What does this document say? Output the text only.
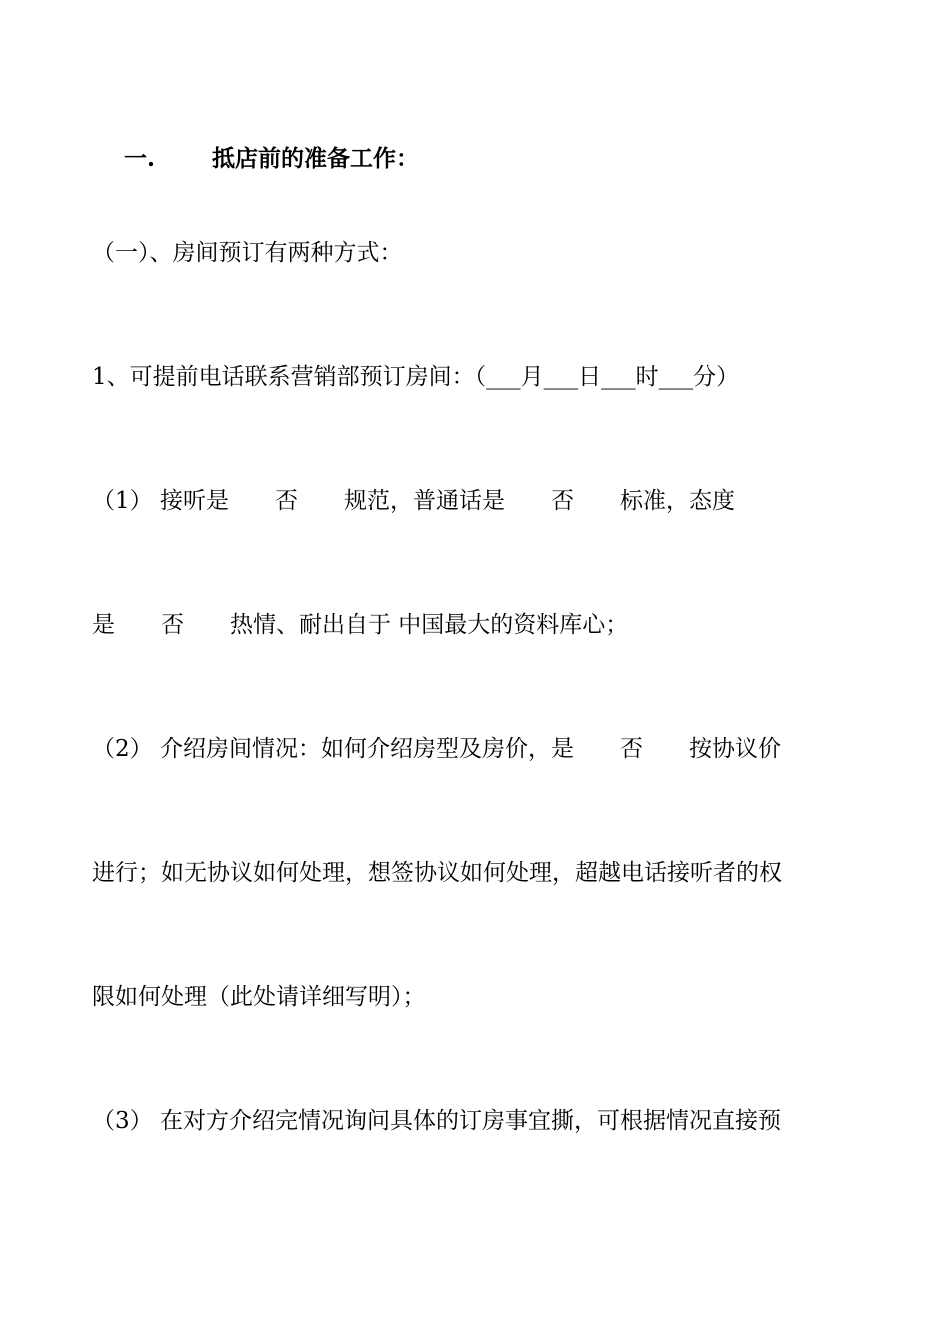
一. 抵店前的准备工作：

（一）、房间预订有两种方式：
1、可提前电话联系营销部预订房间：（___月___日___时___分）
（1） 接听是　　否　　规范，普通话是　　否　　标准，态度
是　　否　　热情、耐出自于 中国最大的资料库心；
（2） 介绍房间情况：如何介绍房型及房价，是　　否　　按协议价
进行；如无协议如何处理，想签协议如何处理，超越电话接听者的权
限如何处理（此处请详细写明）；
（3） 在对方介绍完情况询问具体的订房事宜撕，可根据情况直接预
